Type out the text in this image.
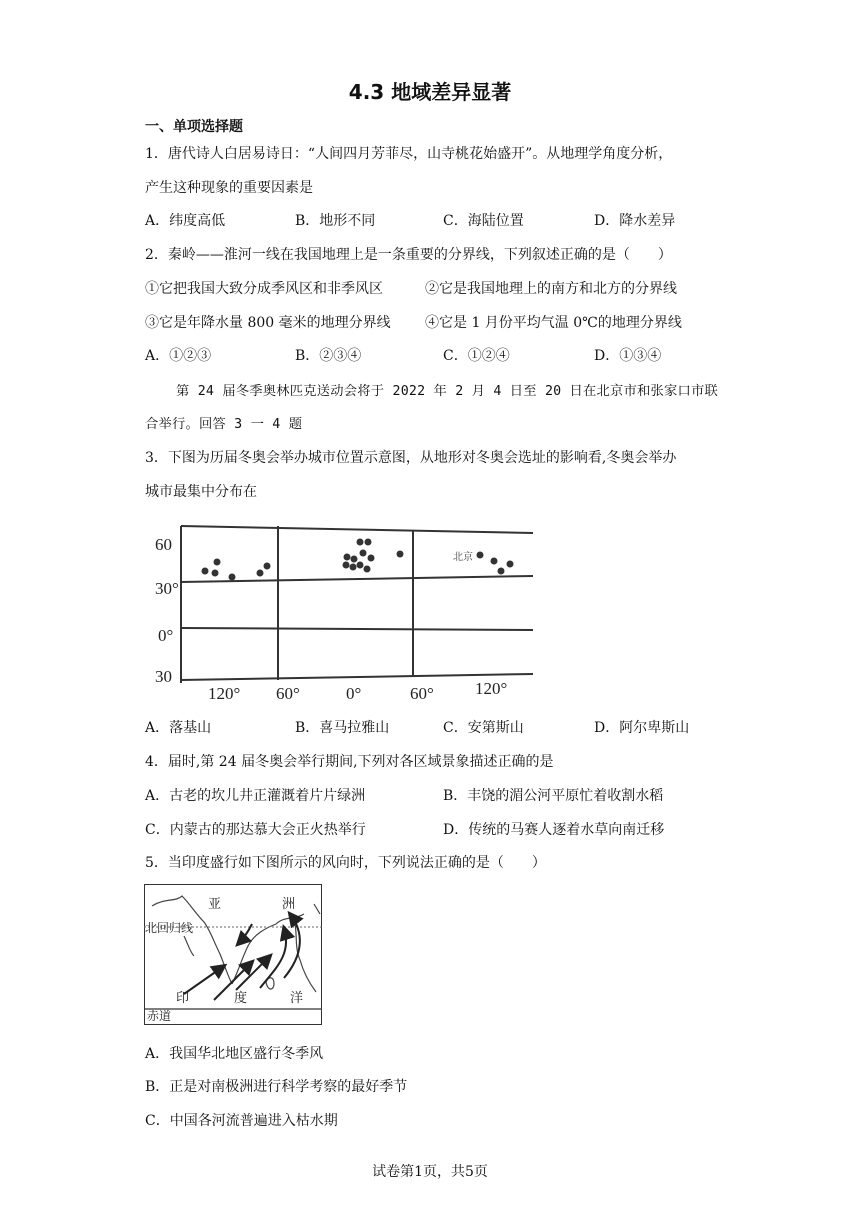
4.3 地域差异显著
一、单项选择题
1．唐代诗人白居易诗日：“人间四月芳菲尽，山寺桃花始盛开”。从地理学角度分析，
产生这种现象的重要因素是
A．纬度高低	B．地形不同	C．海陆位置	D．降水差异
2．秦岭——淮河一线在我国地理上是一条重要的分界线，下列叙述正确的是（　　）
①它把我国大致分成季风区和非季风区	②它是我国地理上的南方和北方的分界线
③它是年降水量 800 毫米的地理分界线 ④它是 1 月份平均气温 0℃的地理分界线
A．①②③	B．②③④	C．①②④	D．①③④
第 24 届冬季奥林匹克送动会将于 2022 年 2 月 4 日至 20 日在北京市和张家口市联
合举行。回答 3 一 4 题
3．下图为历届冬奥会举办城市位置示意图，从地形对冬奥会选址的影响看,冬奥会举办
城市最集中分布在
北京
60
30°
0°
30
120° 60°	0°	60° 120°
A．落基山	B．喜马拉雅山	C．安第斯山	D．阿尔卑斯山
4．届时,第 24 届冬奥会举行期间,下列对各区域景象描述正确的是
A．古老的坎儿井正灌溉着片片绿洲	B．丰饶的湄公河平原忙着收割水稻
C．内蒙古的那达慕大会正火热举行	D．传统的马赛人逐着水草向南迁移
5．当印度盛行如下图所示的风向时，下列说法正确的是（　　）
亚	洲
北回归线
印	度	洋
赤道
A．我国华北地区盛行冬季风
B．正是对南极洲进行科学考察的最好季节
C．中国各河流普遍进入枯水期
试卷第1页，共5页
